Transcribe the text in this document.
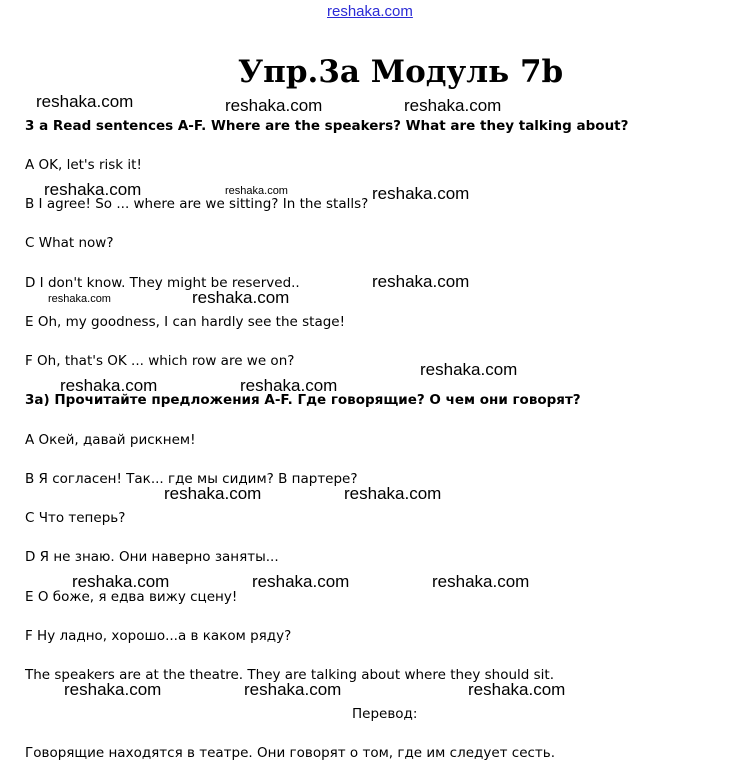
reshaka.com
Упр.3a Модуль 7b
3 a Read sentences A-F. Where are the speakers? What are they talking about?
A OK, let's risk it!
B I agree! So ... where are we sitting? In the stalls?
C What now?
D I don't know. They might be reserved..
E Oh, my goodness, I can hardly see the stage!
F Oh, that's OK ... which row are we on?
3а) Прочитайте предложения A-F. Где говорящие? О чем они говорят?
A Окей, давай рискнем!
B Я согласен! Так... где мы сидим? В партере?
C Что теперь?
D Я не знаю. Они наверно заняты...
E О боже, я едва вижу сцену!
F Ну ладно, хорошо...а в каком ряду?
The speakers are at the theatre. They are talking about where they should sit.
Перевод:
Говорящие находятся в театре. Они говорят о том, где им следует сесть.
reshaka.com	reshaka.com	reshaka.com
reshaka.com	reshaka.com	reshaka.com
reshaka.com
reshaka.com	reshaka.com
reshaka.com
reshaka.com	reshaka.com
reshaka.com	reshaka.com
reshaka.com	reshaka.com	reshaka.com
reshaka.com	reshaka.com	reshaka.com
